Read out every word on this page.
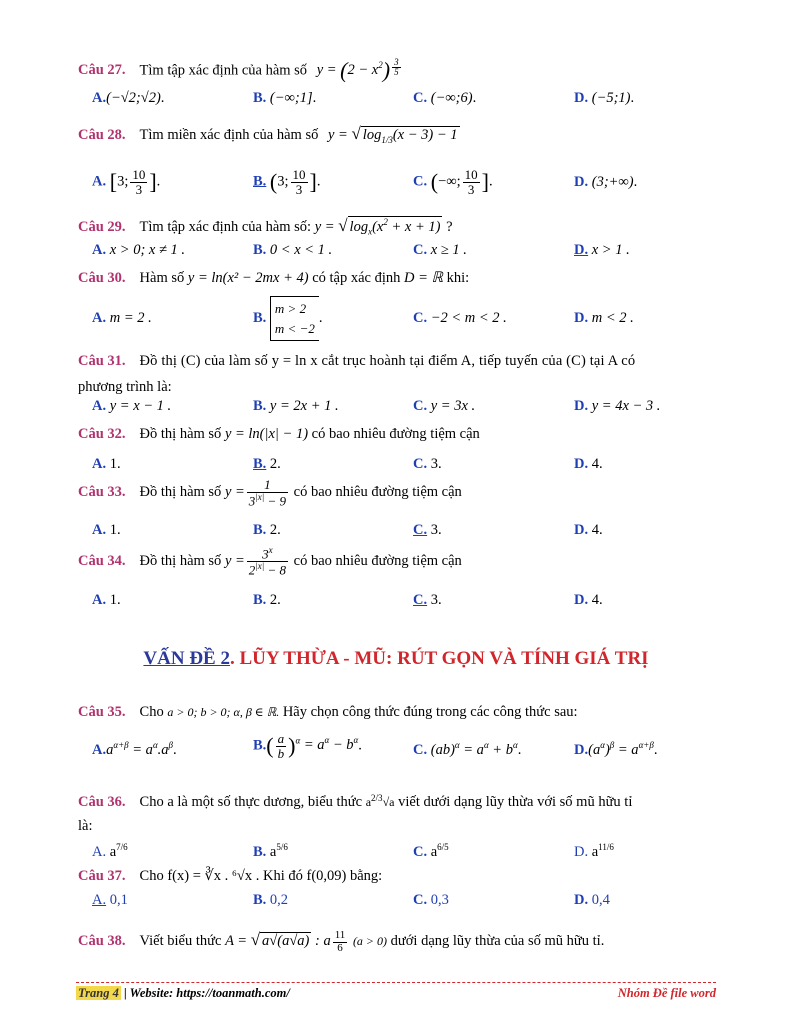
Câu 27. Tìm tập xác định của hàm số $y = (2 - x^2) \frac{3}{5}$
A.(−√2;√2).	B. (−∞;1].	C. (−∞;6).	D. (−5;1).
Câu 28. Tìm miền xác định của hàm số y = √ $\log_{1/3}(x - 3) - 1$
A. [3; $\frac{10}{3}$ ].	B. (3; $\frac{10}{3}$ ].	C. (−∞; $\frac{10}{3}$ ].	D. (3;+∞).
Câu 29. Tìm tập xác định của hàm số: y = √ $\log_x(x^2 + x + 1)$ ?
A. x > 0; x ≠ 1 .	B. 0 < x < 1 .	C. x ≥ 1 .	D. x > 1 .
Câu 30. Hàm số y = ln(x² − 2mx + 4) có tập xác định D = ℝ khi:
A. m = 2 .	B. m > 2
m < −2.	C. −2 < m < 2 .	D. m < 2 .
Câu 31. Đồ thị (C) của làm số y = ln x cắt trục hoành tại điểm A, tiếp tuyến của (C) tại A có
phương trình là:
A. y = x − 1 .	B. y = 2x + 1 .	C. y = 3x .	D. y = 4x − 3 .
Câu 32. Đồ thị hàm số y = ln(|x| − 1) có bao nhiêu đường tiệm cận
A. 1.	B. 2.	C. 3.	D. 4.
Câu 33. Đồ thị hàm số $y = \frac{1}{3^{|x|} - 9}$ có bao nhiêu đường tiệm cận
A. 1.	B. 2.	C. 3.	D. 4.
Câu 34. Đồ thị hàm số $y = \frac{3^x}{2^{|x|} - 8}$ có bao nhiêu đường tiệm cận
A. 1.	B. 2.	C. 3.	D. 4.
VẤN ĐỀ 2. LŨY THỪA - MŨ: RÚT GỌN VÀ TÍNH GIÁ TRỊ
Câu 35. Cho a > 0; b > 0; α, β ∈ ℝ. Hãy chọn công thức đúng trong các công thức sau:
$A.a^{\alpha+\beta} = a^\alpha.a^\beta$.	$B.( \frac{a}{b} )^\alpha = a^\alpha - b^\alpha$.	C. $(ab)^\alpha = a^\alpha + b^\alpha$.	$D.(a^\alpha)^\beta = a^{\alpha+\beta}$.
Câu 36. Cho a là một số thực dương, biểu thức $a^{2/3}√a$ viết dưới dạng lũy thừa với số mũ hữu tỉ
là:
A. $a^{7/6}$	B. $a^{5/6}$	C. $a^{6/5}$	D. $a^{11/6}$
Câu 37. Cho f(x) = ∛x . ⁶√x . Khi đó f(0,09) bằng:
A. 0,1	B. 0,2	C. 0,3	D. 0,4
Câu 38. Viết biểu thức A = √ a√(a√a) : a $\frac{11}{6} (a > 0)$ dưới dạng lũy thừa của số mũ hữu tỉ.
Trang 4 | Website: https://toanmath.com/	Nhóm Đề file word
